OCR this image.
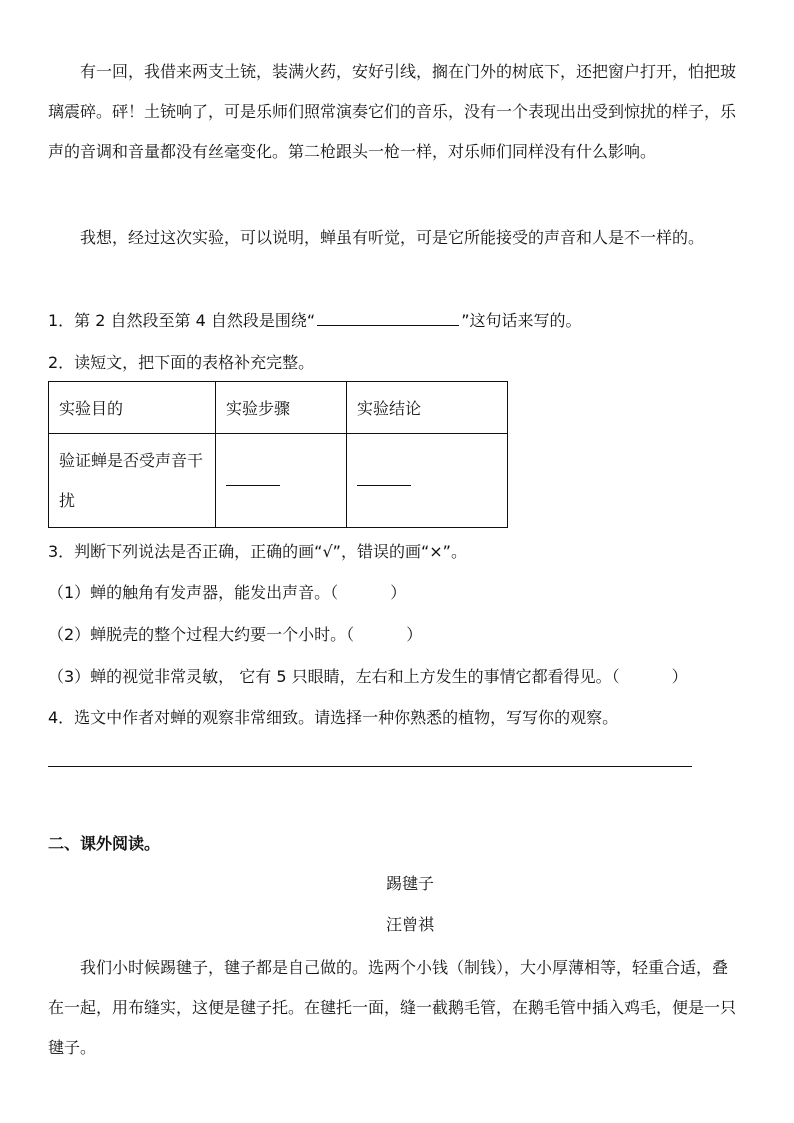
有一回，我借来两支土铳，装满火药，安好引线，搁在门外的树底下，还把窗户打开，怕把玻璃震碎。砰！土铳响了，可是乐师们照常演奏它们的音乐，没有一个表现出出受到惊扰的样子，乐声的音调和音量都没有丝毫变化。第二枪跟头一枪一样，对乐师们同样没有什么影响。

我想，经过这次实验，可以说明，蝉虽有听觉，可是它所能接受的声音和人是不一样的。

1．第 2 自然段至第 4 自然段是围绕“	”这句话来写的。

2．读短文，把下面的表格补充完整。

实验目的	实验步骤	实验结论
验证蝉是否受声音干扰		

3．判断下列说法是否正确，正确的画“√”，错误的画“×”。

（1）蝉的触角有发声器，能发出声音。（	）

（2）蝉脱壳的整个过程大约要一个小时。（	）

（3）蝉的视觉非常灵敏， 它有 5 只眼睛，左右和上方发生的事情它都看得见。（	）

4．选文中作者对蝉的观察非常细致。请选择一种你熟悉的植物，写写你的观察。

二、课外阅读。
踢毽子
汪曾祺

我们小时候踢毽子，毽子都是自己做的。选两个小钱（制钱），大小厚薄相等，轻重合适，叠在一起，用布缝实，这便是毽子托。在毽托一面，缝一截鹅毛管，在鹅毛管中插入鸡毛，便是一只毽子。
